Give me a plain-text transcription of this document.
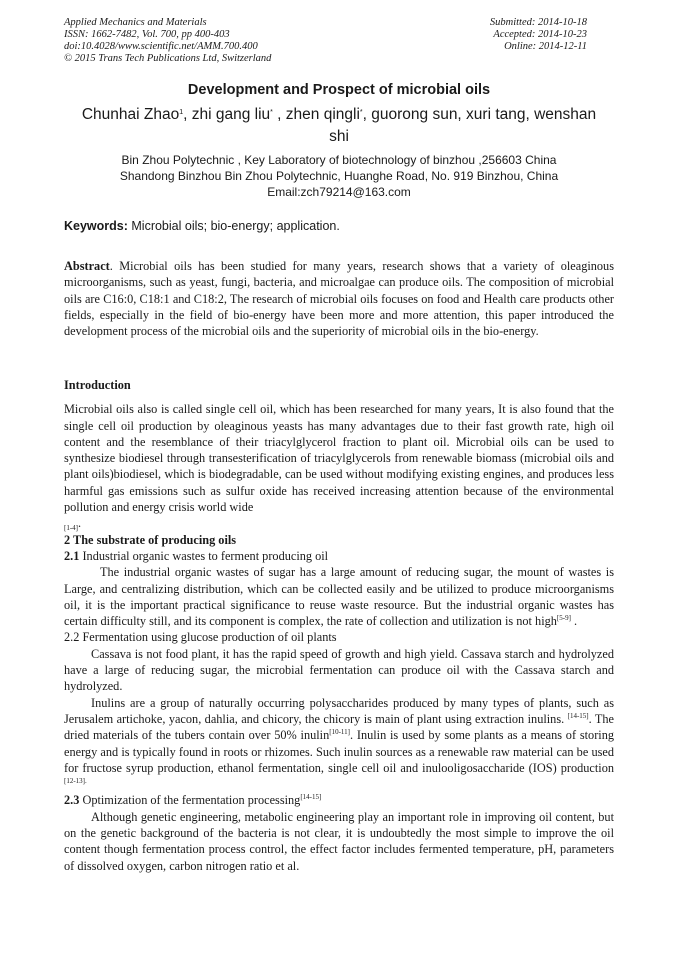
Applied Mechanics and Materials
ISSN: 1662-7482, Vol. 700, pp 400-403
doi:10.4028/www.scientific.net/AMM.700.400
© 2015 Trans Tech Publications Ltd, Switzerland
Submitted: 2014-10-18
Accepted: 2014-10-23
Online: 2014-12-11
Development and Prospect of microbial oils
Chunhai Zhao$^1$, zhi gang liu* , zhen qingli*, guorong sun, xuri tang, wenshan shi
Bin Zhou Polytechnic , Key Laboratory of biotechnology of binzhou ,256603 China
Shandong Binzhou Bin Zhou Polytechnic, Huanghe Road, No. 919 Binzhou, China
Email:zch79214@163.com
Keywords: Microbial oils; bio-energy; application.

Abstract. Microbial oils has been studied for many years, research shows that a variety of oleaginous microorganisms, such as yeast, fungi, bacteria, and microalgae can produce oils. The composition of microbial oils are C16:0, C18:1 and C18:2, The research of microbial oils focuses on food and Health care products other fields, especially in the field of bio-energy have been more and more attention, this paper introduced the development process of the microbial oils and the superiority of microbial oils in the bio-energy.

Introduction

Microbial oils also is called single cell oil, which has been researched for many years, It is also found that the single cell oil production by oleaginous yeasts has many advantages due to their fast growth rate, high oil content and the resemblance of their triacylglycerol fraction to plant oil. Microbial oils can be used to synthesize biodiesel through transesterification of triacylglycerols from renewable biomass (microbial oils and plant oils)biodiesel, which is biodegradable, can be used without modifying existing engines, and produces less harmful gas emissions such as sulfur oxide has received increasing attention because of the environmental pollution and energy crisis world wide
$_{[1-4]}$.

2 The substrate of producing oils

2.1 Industrial organic wastes to ferment producing oil

The industrial organic wastes of sugar has a large amount of reducing sugar, the mount of wastes is Large, and centralizing distribution, which can be collected easily and be utilized to produce microorganisms oil, it is the important practical significance to reuse waste resource. But the industrial organic wastes has certain difficulty still, and its component is complex, the rate of collection and utilization is not high[5-9] .

2.2 Fermentation using glucose production of oil plants

Cassava is not food plant, it has the rapid speed of growth and high yield. Cassava starch and hydrolyzed have a large of reducing sugar, the microbial fermentation can produce oil with the Cassava starch and hydrolyzed.

Inulins are a group of naturally occurring polysaccharides produced by many types of plants, such as Jerusalem artichoke, yacon, dahlia, and chicory, the chicory is main of plant using extraction inulins. [14-15]. The dried materials of the tubers contain over 50% inulin[10-11]. Inulin is used by some plants as a means of storing energy and is typically found in roots or rhizomes. Such inulin sources as a renewable raw material can be used for fructose syrup production, ethanol fermentation, single cell oil and inulooligosaccharide (IOS) production $^{[12-13].}$

2.3 Optimization of the fermentation processing[14-15]

Although genetic engineering, metabolic engineering play an important role in improving oil content, but on the genetic background of the bacteria is not clear, it is undoubtedly the most simple to improve the oil content though fermentation process control, the effect factor includes fermented temperature, pH, parameters of dissolved oxygen, carbon nitrogen ratio et al.
